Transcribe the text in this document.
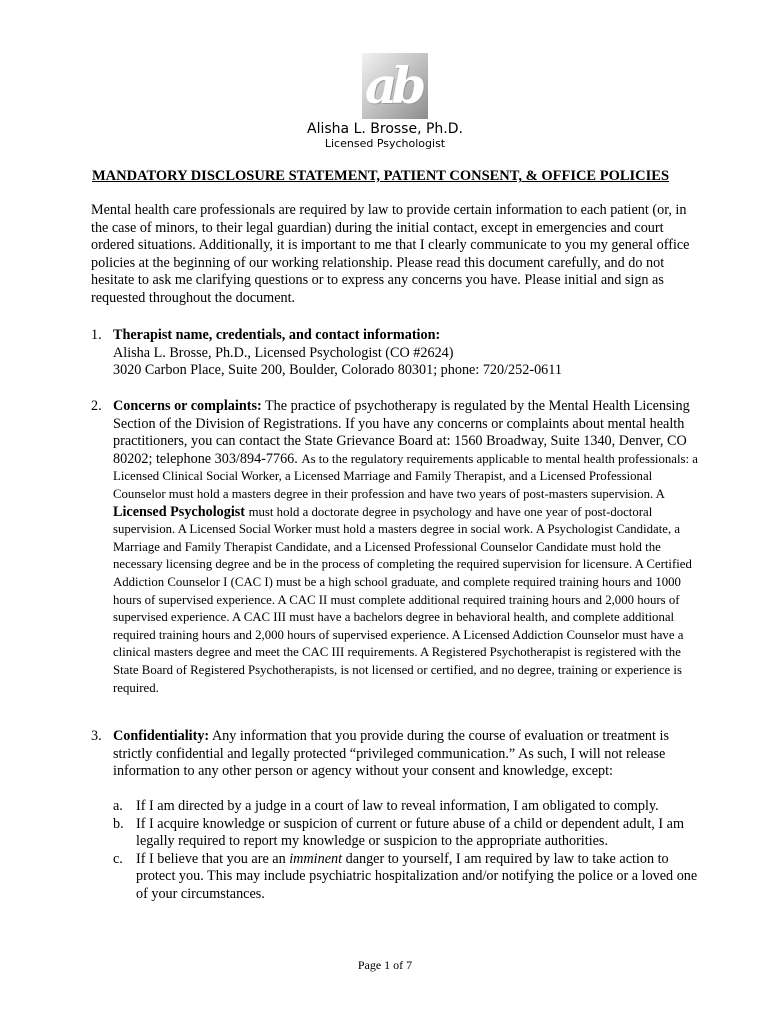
ab
Alisha L. Brosse, Ph.D.
Licensed Psychologist
MANDATORY DISCLOSURE STATEMENT, PATIENT CONSENT, & OFFICE POLICIES
Mental health care professionals are required by law to provide certain information to each patient (or, in the case of minors, to their legal guardian) during the initial contact, except in emergencies and court ordered situations. Additionally, it is important to me that I clearly communicate to you my general office policies at the beginning of our working relationship. Please read this document carefully, and do not hesitate to ask me clarifying questions or to express any concerns you have. Please initial and sign as requested throughout the document.
1. Therapist name, credentials, and contact information:
Alisha L. Brosse, Ph.D., Licensed Psychologist (CO #2624)
3020 Carbon Place, Suite 200, Boulder, Colorado 80301; phone: 720/252-0611
2. Concerns or complaints: The practice of psychotherapy is regulated by the Mental Health Licensing Section of the Division of Registrations. If you have any concerns or complaints about mental health practitioners, you can contact the State Grievance Board at: 1560 Broadway, Suite 1340, Denver, CO 80202; telephone 303/894-7766. As to the regulatory requirements applicable to mental health professionals: a Licensed Clinical Social Worker, a Licensed Marriage and Family Therapist, and a Licensed Professional Counselor must hold a masters degree in their profession and have two years of post-masters supervision. A Licensed Psychologist must hold a doctorate degree in psychology and have one year of post-doctoral supervision. A Licensed Social Worker must hold a masters degree in social work. A Psychologist Candidate, a Marriage and Family Therapist Candidate, and a Licensed Professional Counselor Candidate must hold the necessary licensing degree and be in the process of completing the required supervision for licensure. A Certified Addiction Counselor I (CAC I) must be a high school graduate, and complete required training hours and 1000 hours of supervised experience. A CAC II must complete additional required training hours and 2,000 hours of supervised experience. A CAC III must have a bachelors degree in behavioral health, and complete additional required training hours and 2,000 hours of supervised experience. A Licensed Addiction Counselor must have a clinical masters degree and meet the CAC III requirements. A Registered Psychotherapist is registered with the State Board of Registered Psychotherapists, is not licensed or certified, and no degree, training or experience is required.
3. Confidentiality: Any information that you provide during the course of evaluation or treatment is strictly confidential and legally protected “privileged communication.” As such, I will not release information to any other person or agency without your consent and knowledge, except:
a. If I am directed by a judge in a court of law to reveal information, I am obligated to comply.
b. If I acquire knowledge or suspicion of current or future abuse of a child or dependent adult, I am legally required to report my knowledge or suspicion to the appropriate authorities.
c. If I believe that you are an imminent danger to yourself, I am required by law to take action to protect you. This may include psychiatric hospitalization and/or notifying the police or a loved one of your circumstances.
Page 1 of 7
